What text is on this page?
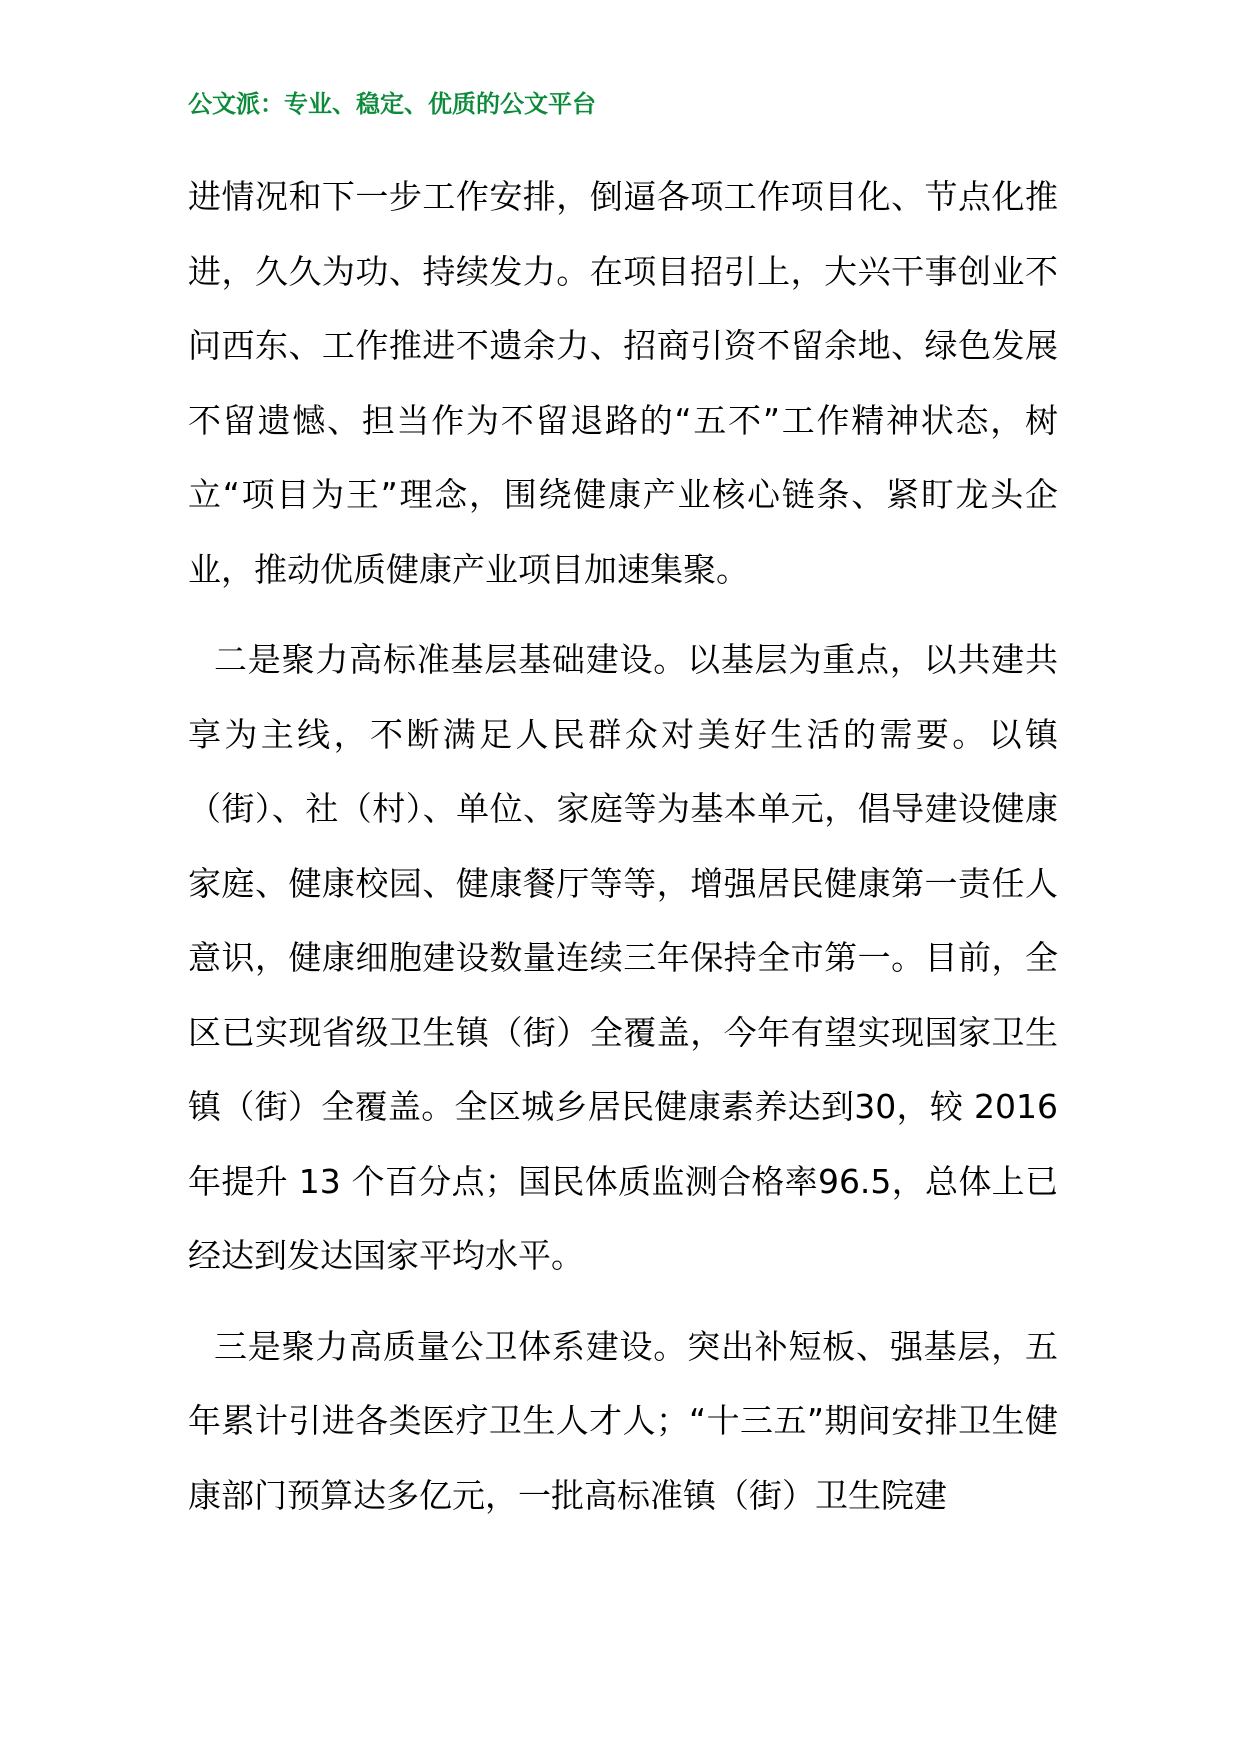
公文派：专业、稳定、优质的公文平台

进情况和下一步工作安排，倒逼各项工作项目化、节点化推进，久久为功、持续发力。在项目招引上，大兴干事创业不问西东、工作推进不遗余力、招商引资不留余地、绿色发展不留遗憾、担当作为不留退路的“五不”工作精神状态，树立“项目为王”理念，围绕健康产业核心链条、紧盯龙头企业，推动优质健康产业项目加速集聚。

二是聚力高标准基层基础建设。以基层为重点，以共建共享为主线，不断满足人民群众对美好生活的需要。以镇（街）、社（村）、单位、家庭等为基本单元，倡导建设健康家庭、健康校园、健康餐厅等等，增强居民健康第一责任人意识，健康细胞建设数量连续三年保持全市第一。目前，全区已实现省级卫生镇（街）全覆盖，今年有望实现国家卫生镇（街）全覆盖。全区城乡居民健康素养达到30，较 2016 年提升 13 个百分点；国民体质监测合格率96.5，总体上已经达到发达国家平均水平。

三是聚力高质量公卫体系建设。突出补短板、强基层，五年累计引进各类医疗卫生人才人；“十三五”期间安排卫生健康部门预算达多亿元，一批高标准镇（街）卫生院建
